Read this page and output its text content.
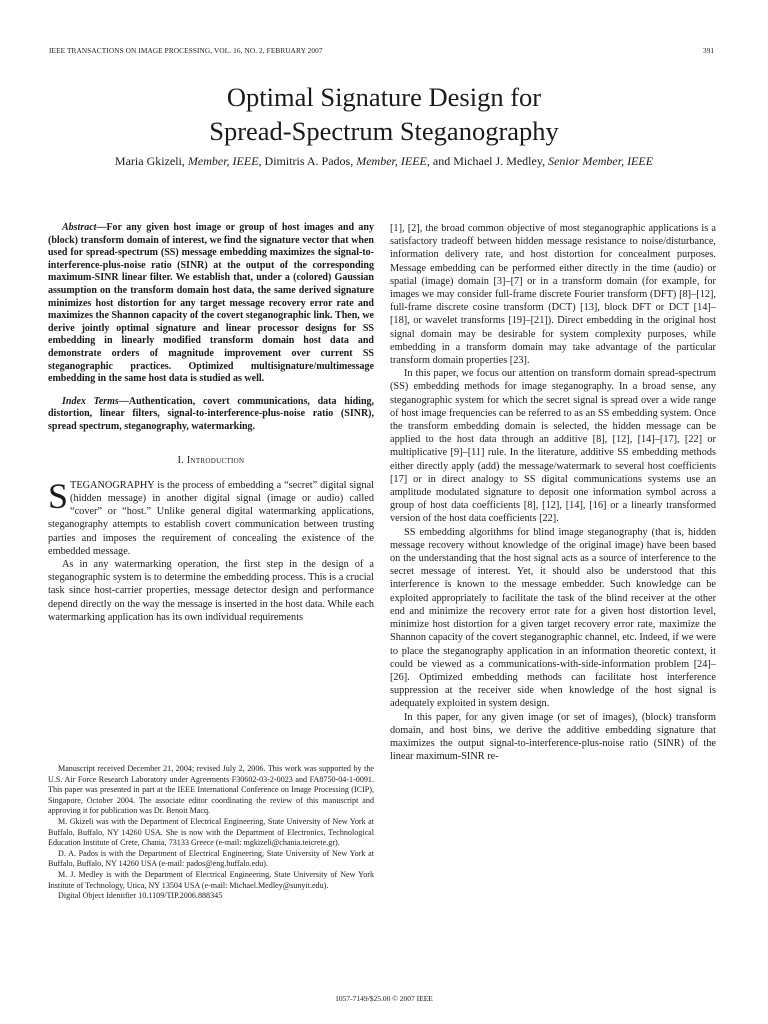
IEEE TRANSACTIONS ON IMAGE PROCESSING, VOL. 16, NO. 2, FEBRUARY 2007	391
Optimal Signature Design for
Spread-Spectrum Steganography
Maria Gkizeli, Member, IEEE, Dimitris A. Pados, Member, IEEE, and Michael J. Medley, Senior Member, IEEE

Abstract—For any given host image or group of host images and any (block) transform domain of interest, we find the signature vector that when used for spread-spectrum (SS) message embedding maximizes the signal-to-interference-plus-noise ratio (SINR) at the output of the corresponding maximum-SINR linear filter. We establish that, under a (colored) Gaussian assumption on the transform domain host data, the same derived signature minimizes host distortion for any target message recovery error rate and maximizes the Shannon capacity of the covert steganographic link. Then, we derive jointly optimal signature and linear processor designs for SS embedding in linearly modified transform domain host data and demonstrate orders of magnitude improvement over current SS steganographic practices. Optimized multisignature/multimessage embedding in the same host data is studied as well.

Index Terms—Authentication, covert communications, data hiding, distortion, linear filters, signal-to-interference-plus-noise ratio (SINR), spread spectrum, steganography, watermarking.

I. Introduction

STEGANOGRAPHY is the process of embedding a “secret” digital signal (hidden message) in another digital signal (image or audio) called “cover” or “host.” Unlike general digital watermarking applications, steganography attempts to establish covert communication between trusting parties and imposes the requirement of concealing the existence of the embedded message.

As in any watermarking operation, the first step in the design of a steganographic system is to determine the embedding process. This is a crucial task since host-carrier properties, message detector design and performance depend directly on the way the message is inserted in the host data. While each watermarking application has its own individual requirements

Manuscript received December 21, 2004; revised July 2, 2006. This work was supported by the U.S. Air Force Research Laboratory under Agreements F30602-03-2-0023 and FA8750-04-1-0091. This paper was presented in part at the IEEE International Conference on Image Processing (ICIP), Singapore, October 2004. The associate editor coordinating the review of this manuscript and approving it for publication was Dr. Benoit Macq.

M. Gkizeli was with the Department of Electrical Engineering, State University of New York at Buffalo, Buffalo, NY 14260 USA. She is now with the Department of Electronics, Technological Education Institute of Crete, Chania, 73133 Greece (e-mail: mgkizeli@chania.teicrete.gr).

D. A. Pados is with the Department of Electrical Engineering, State University of New York at Buffalo, Buffalo, NY 14260 USA (e-mail: pados@eng.buffalo.edu).

M. J. Medley is with the Department of Electrical Engineering, State University of New York Institute of Technology, Utica, NY 13504 USA (e-mail: Michael.Medley@sunyit.edu).

Digital Object Identifier 10.1109/TIP.2006.888345

[1], [2], the broad common objective of most steganographic applications is a satisfactory tradeoff between hidden message resistance to noise/disturbance, information delivery rate, and host distortion for concealment purposes. Message embedding can be performed either directly in the time (audio) or spatial (image) domain [3]–[7] or in a transform domain (for example, for images we may consider full-frame discrete Fourier transform (DFT) [8]–[12], full-frame discrete cosine transform (DCT) [13], block DFT or DCT [14]–[18], or wavelet transforms [19]–[21]). Direct embedding in the original host signal domain may be desirable for system complexity purposes, while embedding in a transform domain may take advantage of the particular transform domain properties [23].

In this paper, we focus our attention on transform domain spread-spectrum (SS) embedding methods for image steganography. In a broad sense, any steganographic system for which the secret signal is spread over a wide range of host image frequencies can be referred to as an SS embedding system. Once the transform embedding domain is selected, the hidden message can be applied to the host data through an additive [8], [12], [14]–[17], [22] or multiplicative [9]–[11] rule. In the literature, additive SS embedding methods either directly apply (add) the message/watermark to several host coefficients [17] or in direct analogy to SS digital communications systems use an amplitude modulated signature to deposit one information symbol across a group of host data coefficients [8], [12], [14], [16] or a linearly transformed version of the host data coefficients [22].

SS embedding algorithms for blind image steganography (that is, hidden message recovery without knowledge of the original image) have been based on the understanding that the host signal acts as a source of interference to the secret message of interest. Yet, it should also be understood that this interference is known to the message embedder. Such knowledge can be exploited appropriately to facilitate the task of the blind receiver at the other end and minimize the recovery error rate for a given host distortion level, minimize host distortion for a given target recovery error rate, maximize the Shannon capacity of the covert steganographic channel, etc. Indeed, if we were to place the steganography application in an information theoretic context, it could be viewed as a communications-with-side-information problem [24]–[26]. Optimized embedding methods can facilitate host interference suppression at the receiver side when knowledge of the host signal is adequately exploited in system design.

In this paper, for any given image (or set of images), (block) transform domain, and host bins, we derive the additive embedding signature that maximizes the output signal-to-interference-plus-noise ratio (SINR) of the linear maximum-SINR re-

1057-7149/$25.00 © 2007 IEEE
